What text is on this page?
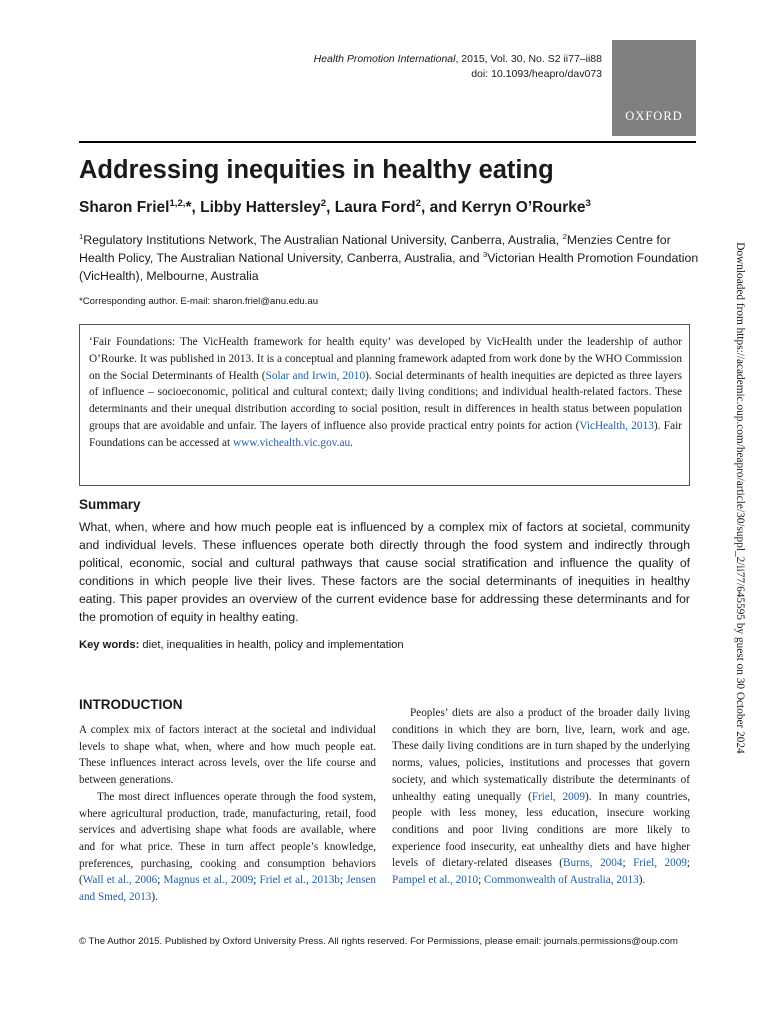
Health Promotion International, 2015, Vol. 30, No. S2 ii77–ii88
doi: 10.1093/heapro/dav073
OXFORD
Addressing inequities in healthy eating
Sharon Friel$^{1,2,}$*, Libby Hattersley$^2$, Laura Ford$^2$, and Kerryn O’Rourke$^3$
$^1$Regulatory Institutions Network, The Australian National University, Canberra, Australia, $^2$Menzies Centre for Health Policy, The Australian National University, Canberra, Australia, and $^3$Victorian Health Promotion Foundation (VicHealth), Melbourne, Australia
*Corresponding author. E-mail: sharon.friel@anu.edu.au
‘Fair Foundations: The VicHealth framework for health equity’ was developed by VicHealth under the leadership of author O’Rourke. It was published in 2013. It is a conceptual and planning framework adapted from work done by the WHO Commission on the Social Determinants of Health (Solar and Irwin, 2010). Social determinants of health inequities are depicted as three layers of influence – socioeconomic, political and cultural context; daily living conditions; and individual health-related factors. These determinants and their unequal distribution according to social position, result in differences in health status between population groups that are avoidable and unfair. The layers of influence also provide practical entry points for action (VicHealth, 2013). Fair Foundations can be accessed at www.vichealth.vic.gov.au.
Summary
What, when, where and how much people eat is influenced by a complex mix of factors at societal, community and individual levels. These influences operate both directly through the food system and indirectly through political, economic, social and cultural pathways that cause social stratification and influence the quality of conditions in which people live their lives. These factors are the social determinants of inequities in healthy eating. This paper provides an overview of the current evidence base for addressing these determinants and for the promotion of equity in healthy eating.
Key words: diet, inequalities in health, policy and implementation
INTRODUCTION

A complex mix of factors interact at the societal and individual levels to shape what, when, where and how much people eat. These influences interact across levels, over the life course and between generations.

The most direct influences operate through the food system, where agricultural production, trade, manufacturing, retail, food services and advertising shape what foods are available, where and for what price. These in turn affect people’s knowledge, preferences, purchasing, cooking and consumption behaviors (Wall et al., 2006; Magnus et al., 2009; Friel et al., 2013b; Jensen and Smed, 2013).

Peoples’ diets are also a product of the broader daily living conditions in which they are born, live, learn, work and age. These daily living conditions are in turn shaped by the underlying norms, values, policies, institutions and processes that govern society, and which systematically distribute the determinants of unhealthy eating unequally (Friel, 2009). In many countries, people with less money, less education, insecure working conditions and poor living conditions are more likely to experience food insecurity, eat unhealthy diets and have higher levels of dietary-related diseases (Burns, 2004; Friel, 2009; Pampel et al., 2010; Commonwealth of Australia, 2013).

Downloaded from https://academic.oup.com/heapro/article/30/suppl_2/ii77/645595 by guest on 30 October 2024
© The Author 2015. Published by Oxford University Press. All rights reserved. For Permissions, please email: journals.permissions@oup.com
